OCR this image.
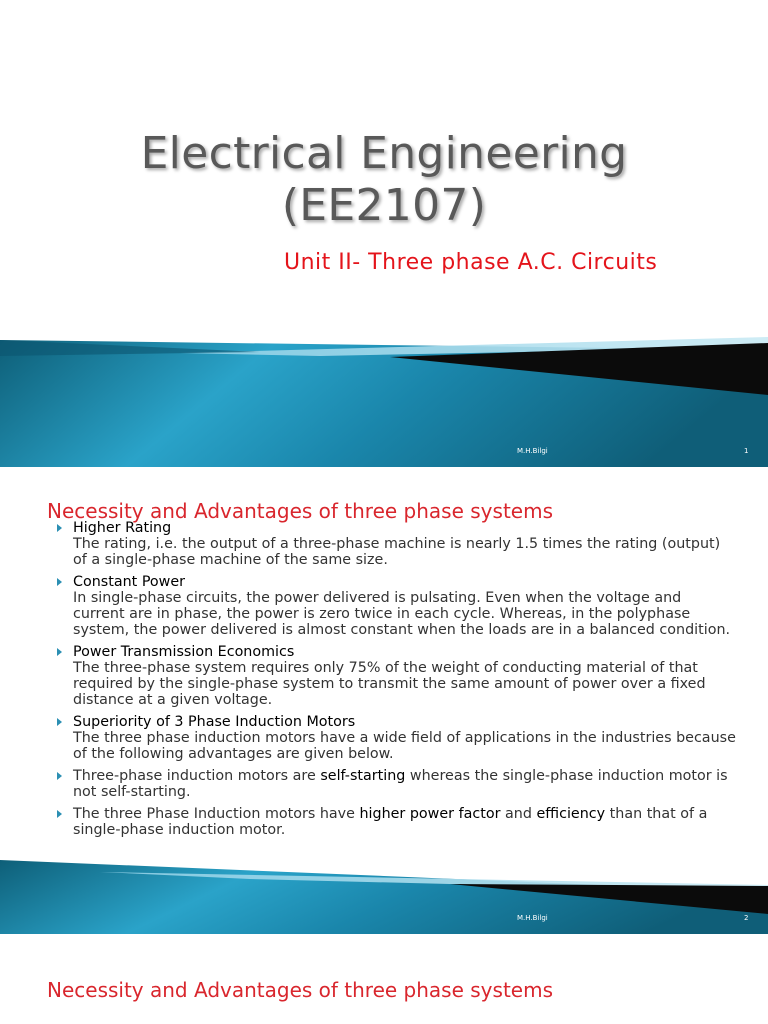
Electrical Engineering
(EE2107)
Unit II- Three phase A.C. Circuits
M.H.Bilgi	1
Necessity and Advantages of three phase systems
Higher Rating
The rating, i.e. the output of a three-phase machine is nearly 1.5 times the rating (output) of a single-phase machine of the same size.
Constant Power
In single-phase circuits, the power delivered is pulsating. Even when the voltage and current are in phase, the power is zero twice in each cycle. Whereas, in the polyphase system, the power delivered is almost constant when the loads are in a balanced condition.
Power Transmission Economics
The three-phase system requires only 75% of the weight of conducting material of that required by the single-phase system to transmit the same amount of power over a fixed distance at a given voltage.
Superiority of 3 Phase Induction Motors
The three phase induction motors have a wide field of applications in the industries because of the following advantages are given below.
Three-phase induction motors are self-starting whereas the single-phase induction motor is not self-starting.
The three Phase Induction motors have higher power factor and efficiency than that of a single-phase induction motor.
M.H.Bilgi	2
Necessity and Advantages of three phase systems
